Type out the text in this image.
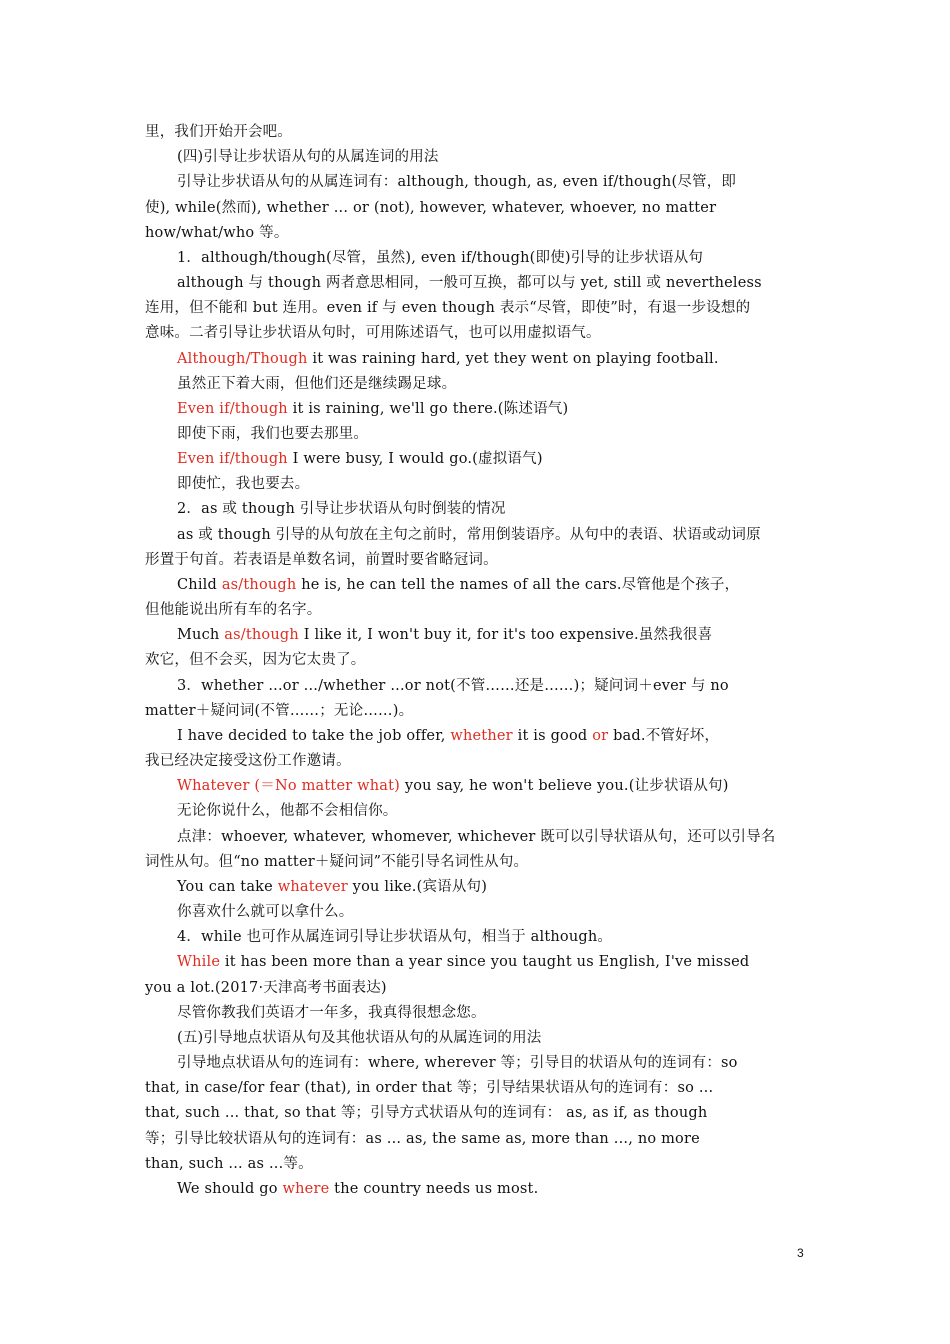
里，我们开始开会吧。
(四)引导让步状语从句的从属连词的用法
引导让步状语从句的从属连词有：although, though, as, even if/though(尽管，即
使), while(然而), whether ... or (not), however, whatever, whoever, no matter
how/what/who 等。
1．although/though(尽管，虽然), even if/though(即使)引导的让步状语从句
although 与 though 两者意思相同，一般可互换，都可以与 yet, still 或 nevertheless
连用，但不能和 but 连用。even if 与 even though 表示“尽管，即使”时，有退一步设想的
意味。二者引导让步状语从句时，可用陈述语气，也可以用虚拟语气。
Although/Though it was raining hard, yet they went on playing football.
虽然正下着大雨，但他们还是继续踢足球。
Even if/though it is raining, we'll go there.(陈述语气)
即使下雨，我们也要去那里。
Even if/though I were busy, I would go.(虚拟语气)
即使忙，我也要去。
2．as 或 though 引导让步状语从句时倒装的情况
as 或 though 引导的从句放在主句之前时，常用倒装语序。从句中的表语、状语或动词原
形置于句首。若表语是单数名词，前置时要省略冠词。
Child as/though he is, he can tell the names of all the cars.尽管他是个孩子，
但他能说出所有车的名字。
Much as/though I like it, I won't buy it, for it's too expensive.虽然我很喜
欢它，但不会买，因为它太贵了。
3．whether ...or .../whether ...or not(不管……还是……)；疑问词＋ever 与 no
matter＋疑问词(不管……；无论……)。
I have decided to take the job offer, whether it is good or bad.不管好坏，
我已经决定接受这份工作邀请。
Whatever (＝No matter what) you say, he won't believe you.(让步状语从句)
无论你说什么，他都不会相信你。
点津：whoever, whatever, whomever, whichever 既可以引导状语从句，还可以引导名
词性从句。但“no matter＋疑问词”不能引导名词性从句。
You can take whatever you like.(宾语从句)
你喜欢什么就可以拿什么。
4．while 也可作从属连词引导让步状语从句，相当于 although。
While it has been more than a year since you taught us English, I've missed
you a lot.(2017·天津高考书面表达)
尽管你教我们英语才一年多，我真得很想念您。
(五)引导地点状语从句及其他状语从句的从属连词的用法
引导地点状语从句的连词有：where, wherever 等；引导目的状语从句的连词有：so
that, in case/for fear (that), in order that 等；引导结果状语从句的连词有：so ...
that, such ... that, so that 等；引导方式状语从句的连词有： as, as if, as though
等；引导比较状语从句的连词有：as ... as, the same as, more than ..., no more
than, such ... as ...等。
We should go where the country needs us most.
3
